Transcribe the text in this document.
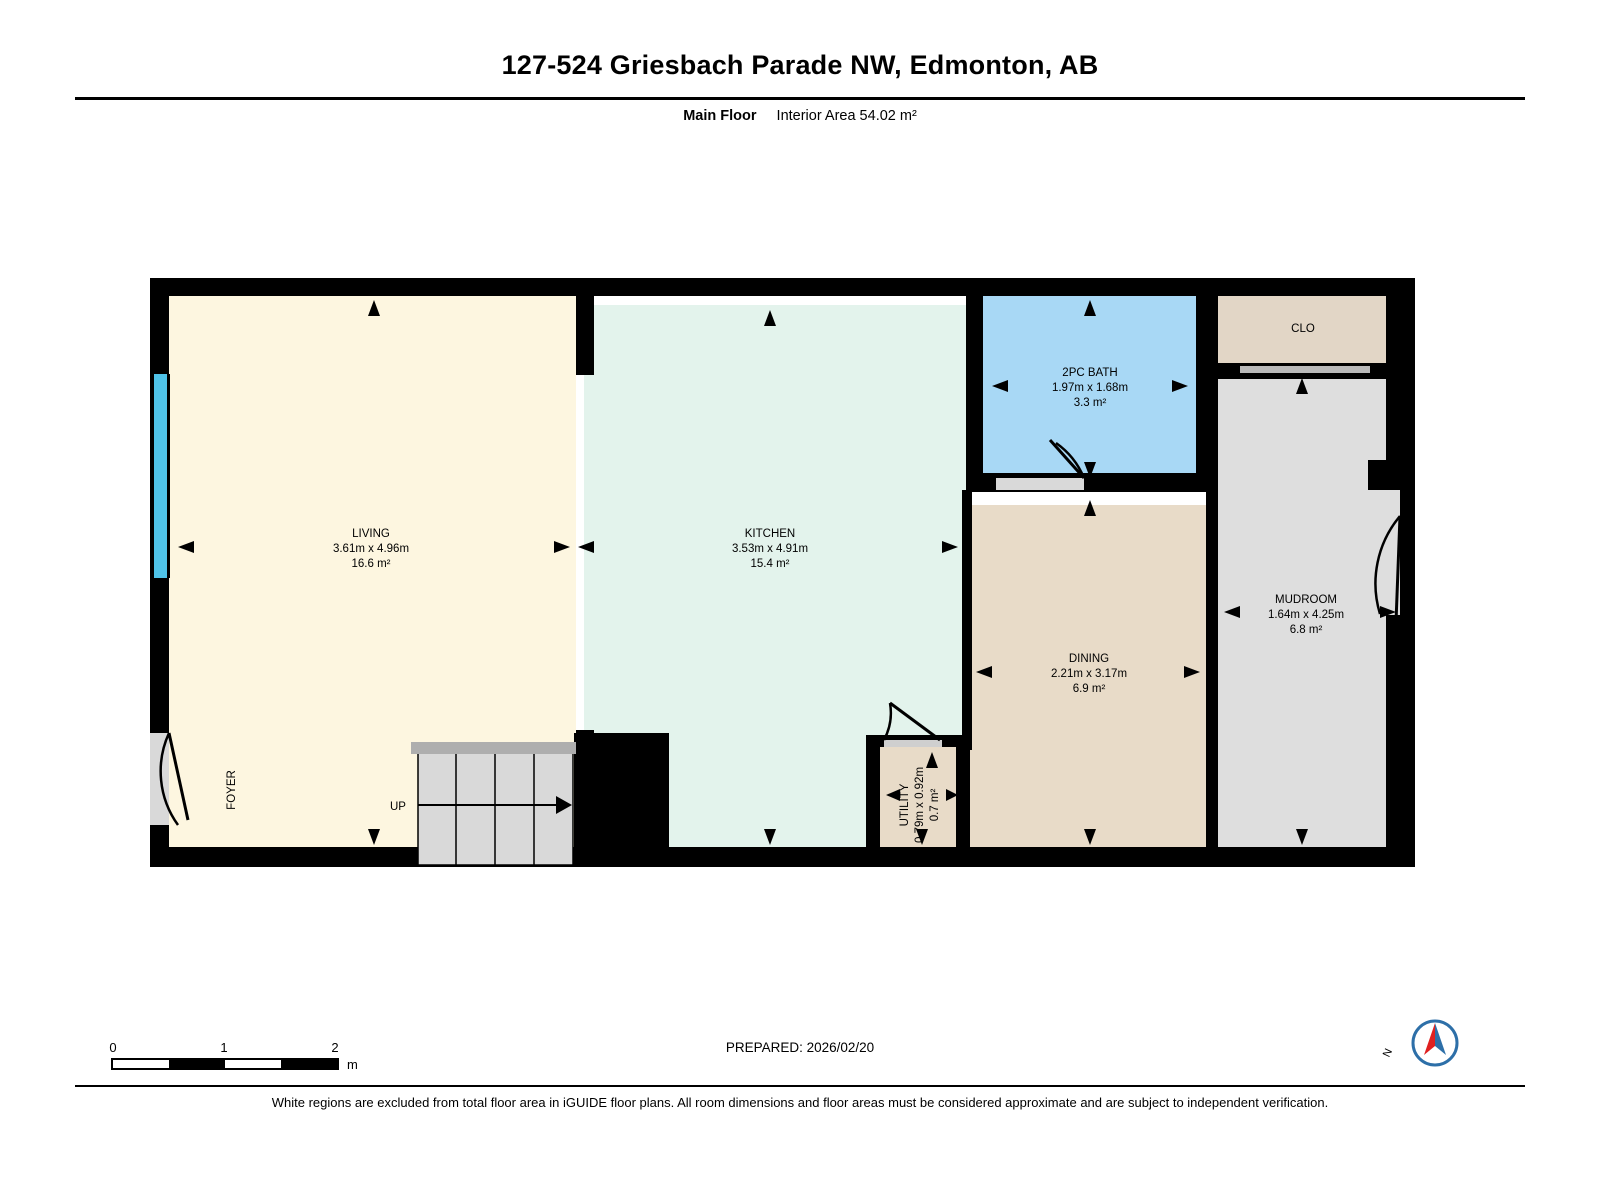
127-524 Griesbach Parade NW, Edmonton, AB
Main Floor Interior Area 54.02 m²
UP
LIVING
3.61m x 4.96m
16.6 m²
KITCHEN
3.53m x 4.91m
15.4 m²
2PC BATH
1.97m x 1.68m
3.3 m²
DINING
2.21m x 3.17m
6.9 m²
MUDROOM
1.64m x 4.25m
6.8 m²
UTILITY 0.79m x 0.92m 0.7 m²
CLO
FOYER
0	1	2
m
PREPARED: 2026/02/20	N
White regions are excluded from total floor area in iGUIDE floor plans. All room dimensions and floor areas must be considered approximate and are subject to independent verification.
